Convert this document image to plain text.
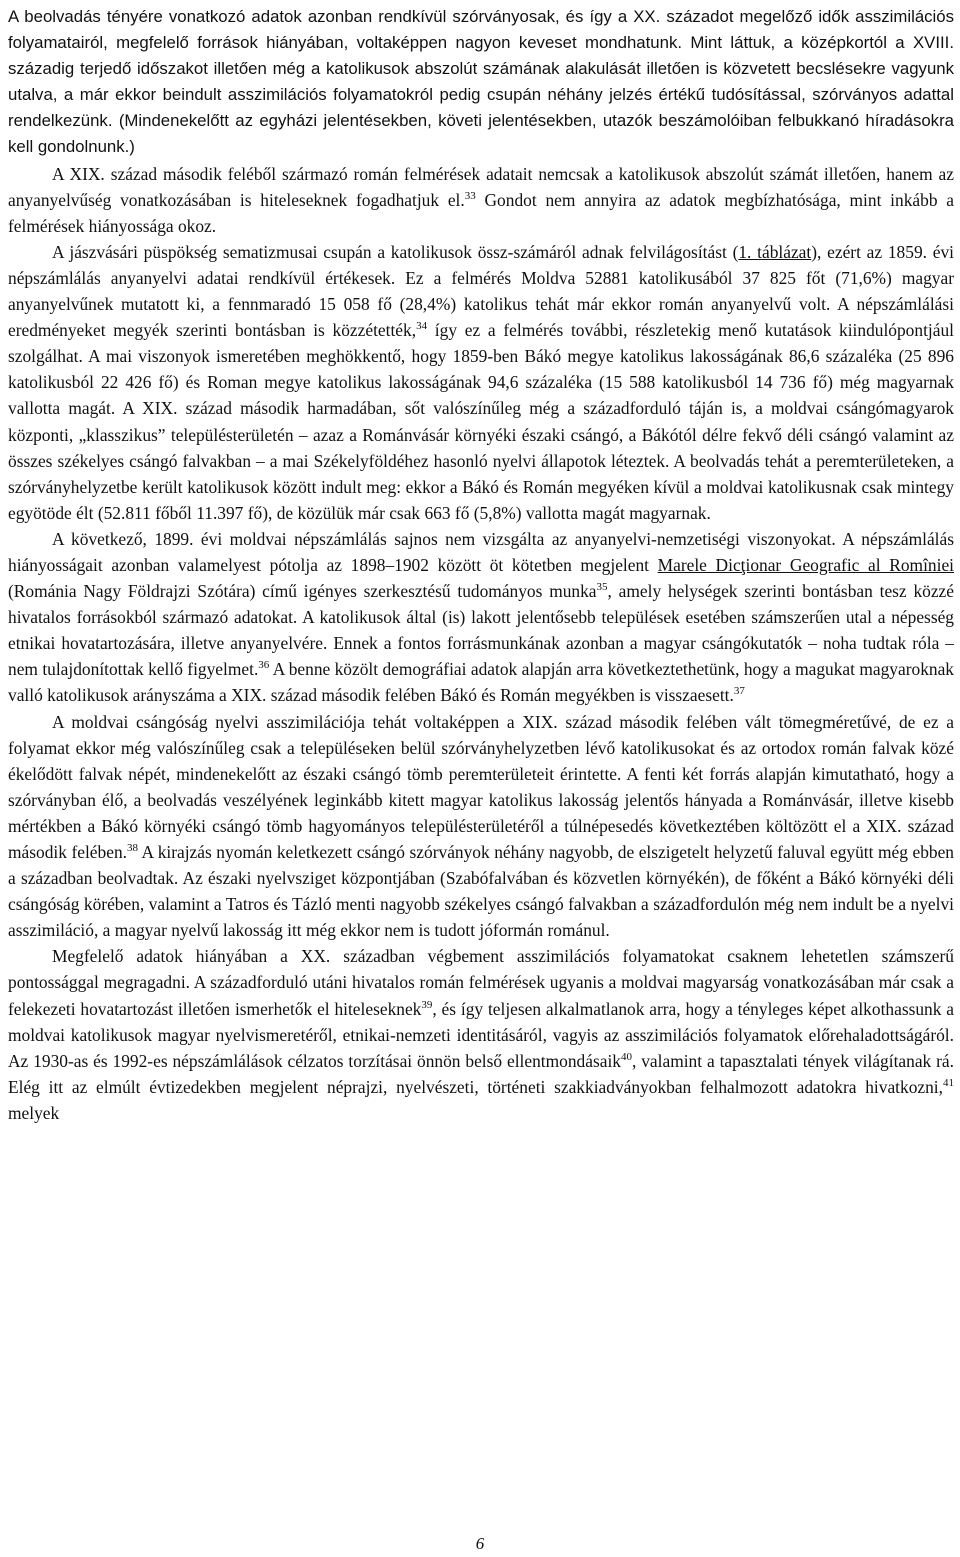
A beolvadás tényére vonatkozó adatok azonban rendkívül szórványosak, és így a XX. századot megelőző idők asszimilációs folyamatairól, megfelelő források hiányában, voltaképpen nagyon keveset mondhatunk. Mint láttuk, a középkortól a XVIII. századig terjedő időszakot illetően még a katolikusok abszolút számának alakulását illetően is közvetett becslésekre vagyunk utalva, a már ekkor beindult asszimilációs folyamatokról pedig csupán néhány jelzés értékű tudósítással, szórványos adattal rendelkezünk. (Mindenekelőtt az egyházi jelentésekben, követi jelentésekben, utazók beszámolóiban felbukkanó híradásokra kell gondolnunk.)

A XIX. század második feléből származó román felmérések adatait nemcsak a katolikusok abszolút számát illetően, hanem az anyanyelvűség vonatkozásában is hiteleseknek fogadhatjuk el.$^{33}$ Gondot nem annyira az adatok megbízhatósága, mint inkább a felmérések hiányossága okoz.

A jászvásári püspökség sematizmusai csupán a katolikusok össz-számáról adnak felvilágosítást (1. táblázat), ezért az 1859. évi népszámlálás anyanyelvi adatai rendkívül értékesek. Ez a felmérés Moldva 52881 katolikusából 37 825 főt (71,6%) magyar anyanyelvűnek mutatott ki, a fennmaradó 15 058 fő (28,4%) katolikus tehát már ekkor román anyanyelvű volt. A népszámlálási eredményeket megyék szerinti bontásban is közzétették,$^{34}$ így ez a felmérés további, részletekig menő kutatások kiindulópontjául szolgálhat. A mai viszonyok ismeretében meghökkentő, hogy 1859-ben Bákó megye katolikus lakosságának 86,6 százaléka (25 896 katolikusból 22 426 fő) és Roman megye katolikus lakosságának 94,6 százaléka (15 588 katolikusból 14 736 fő) még magyarnak vallotta magát. A XIX. század második harmadában, sőt valószínűleg még a századforduló táján is, a moldvai csángómagyarok központi, „klasszikus” településterületén – azaz a Románvásár környéki északi csángó, a Bákótól délre fekvő déli csángó valamint az összes székelyes csángó falvakban – a mai Székelyföldéhez hasonló nyelvi állapotok léteztek. A beolvadás tehát a peremterületeken, a szórványhelyzetbe került katolikusok között indult meg: ekkor a Bákó és Román megyéken kívül a moldvai katolikusnak csak mintegy egyötöde élt (52.811 főből 11.397 fő), de közülük már csak 663 fő (5,8%) vallotta magát magyarnak.

A következő, 1899. évi moldvai népszámlálás sajnos nem vizsgálta az anyanyelvi-nemzetiségi viszonyokat. A népszámlálás hiányosságait azonban valamelyest pótolja az 1898–1902 között öt kötetben megjelent Marele Dicţionar Geografic al Romîniei (Románia Nagy Földrajzi Szótára) című igényes szerkesztésű tudományos munka$^{35}$, amely helységek szerinti bontásban tesz közzé hivatalos forrásokból származó adatokat. A katolikusok által (is) lakott jelentősebb települések esetében számszerűen utal a népesség etnikai hovatartozására, illetve anyanyelvére. Ennek a fontos forrásmunkának azonban a magyar csángókutatók – noha tudtak róla – nem tulajdonítottak kellő figyelmet.$^{36}$ A benne közölt demográfiai adatok alapján arra következtethetünk, hogy a magukat magyaroknak valló katolikusok arányszáma a XIX. század második felében Bákó és Román megyékben is visszaesett.$^{37}$

A moldvai csángóság nyelvi asszimilációja tehát voltaképpen a XIX. század második felében vált tömegméretűvé, de ez a folyamat ekkor még valószínűleg csak a településeken belül szórványhelyzetben lévő katolikusokat és az ortodox román falvak közé ékelődött falvak népét, mindenekelőtt az északi csángó tömb peremterületeit érintette. A fenti két forrás alapján kimutatható, hogy a szórványban élő, a beolvadás veszélyének leginkább kitett magyar katolikus lakosság jelentős hányada a Románvásár, illetve kisebb mértékben a Bákó környéki csángó tömb hagyományos településterületéről a túlnépesedés következtében költözött el a XIX. század második felében.$^{38}$ A kirajzás nyomán keletkezett csángó szórványok néhány nagyobb, de elszigetelt helyzetű faluval együtt még ebben a században beolvadtak. Az északi nyelvsziget központjában (Szabófalvában és közvetlen környékén), de főként a Bákó környéki déli csángóság körében, valamint a Tatros és Tázló menti nagyobb székelyes csángó falvakban a századfordulón még nem indult be a nyelvi asszimiláció, a magyar nyelvű lakosság itt még ekkor nem is tudott jóformán románul.

Megfelelő adatok hiányában a XX. században végbement asszimilációs folyamatokat csaknem lehetetlen számszerű pontossággal megragadni. A századforduló utáni hivatalos román felmérések ugyanis a moldvai magyarság vonatkozásában már csak a felekezeti hovatartozást illetően ismerhetők el hiteleseknek$^{39}$, és így teljesen alkalmatlanok arra, hogy a tényleges képet alkothassunk a moldvai katolikusok magyar nyelvismeretéről, etnikai-nemzeti identitásáról, vagyis az asszimilációs folyamatok előrehaladottságáról. Az 1930-as és 1992-es népszámlálások célzatos torzításai önnön belső ellentmondásaik$^{40}$, valamint a tapasztalati tények világítanak rá. Elég itt az elmúlt évtizedekben megjelent néprajzi, nyelvészeti, történeti szakkiadványokban felhalmozott adatokra hivatkozni,$^{41}$ melyek

6
